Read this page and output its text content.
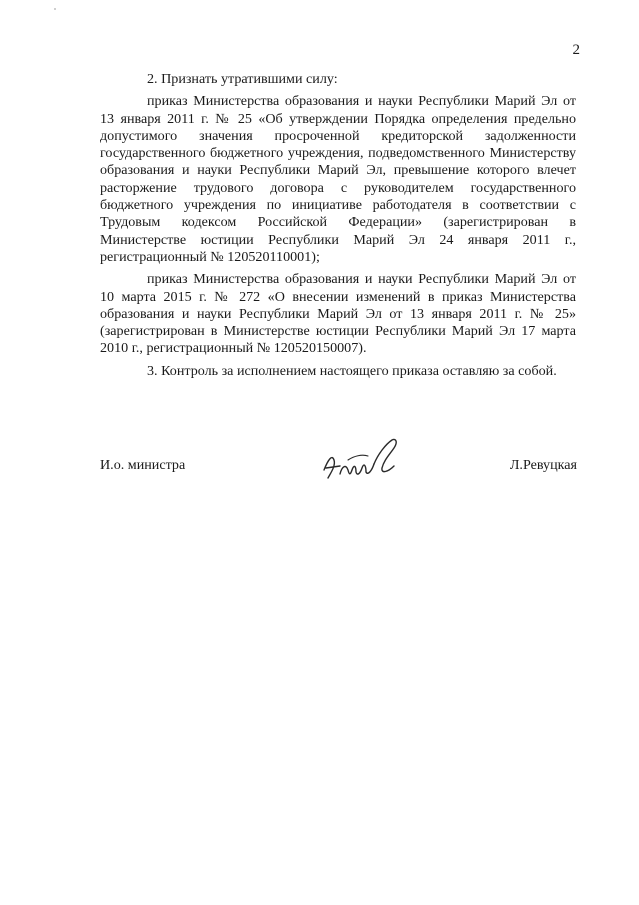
2

2. Признать утратившими силу:

приказ Министерства образования и науки Республики Марий Эл от 13 января 2011 г. № 25 «Об утверждении Порядка определения предельно допустимого значения просроченной кредиторской задолженности государственного бюджетного учреждения, подведомственного Министерству образования и науки Республики Марий Эл, превышение которого влечет расторжение трудового договора с руководителем государственного бюджетного учреждения по инициативе работодателя в соответствии с Трудовым кодексом Российской Федерации» (зарегистрирован в Министерстве юстиции Республики Марий Эл 24 января 2011 г., регистрационный № 120520110001);

приказ Министерства образования и науки Республики Марий Эл от 10 марта 2015 г. № 272 «О внесении изменений в приказ Министерства образования и науки Республики Марий Эл от 13 января 2011 г. № 25» (зарегистрирован в Министерстве юстиции Республики Марий Эл 17 марта 2010 г., регистрационный № 120520150007).

3. Контроль за исполнением настоящего приказа оставляю за собой.

И.о. министра	Л.Ревуцкая
